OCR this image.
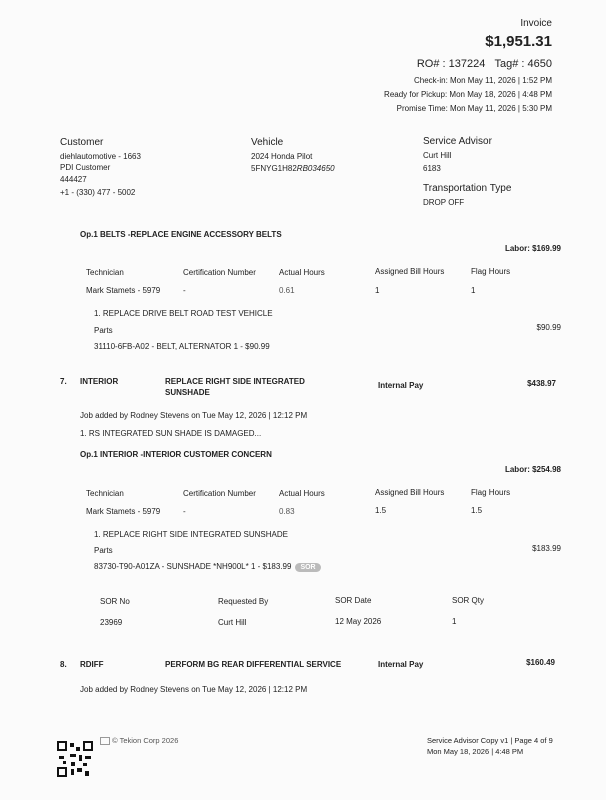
Invoice
$1,951.31
RO# : 137224 Tag# : 4650
Check-in: Mon May 11, 2026 | 1:52 PM
Ready for Pickup: Mon May 18, 2026 | 4:48 PM
Promise Time: Mon May 11, 2026 | 5:30 PM
Customer
diehlautomotive - 1663
PDI Customer
444427
+1 - (330) 477 - 5002
Vehicle
2024 Honda Pilot
5FNYG1H82RB034650
Service Advisor
Curt Hill
6183
Transportation Type
DROP OFF
Op.1 BELTS -REPLACE ENGINE ACCESSORY BELTS
Labor: $169.99
Technician	Certification Number	Actual Hours	Assigned Bill Hours	Flag Hours
Mark Stamets - 5979	-	0.61	1	1
1. REPLACE DRIVE BELT ROAD TEST VEHICLE
Parts	$90.99
31110-6FB-A02 - BELT, ALTERNATOR 1 - $90.99
7. INTERIOR	REPLACE RIGHT SIDE INTEGRATED
SUNSHADE
Internal Pay	$438.97
Job added by Rodney Stevens on Tue May 12, 2026 | 12:12 PM
1. RS INTEGRATED SUN SHADE IS DAMAGED...
Op.1 INTERIOR -INTERIOR CUSTOMER CONCERN
Labor: $254.98
Technician	Certification Number	Actual Hours	Assigned Bill Hours	Flag Hours
Mark Stamets - 5979	-	0.83	1.5	1.5
1. REPLACE RIGHT SIDE INTEGRATED SUNSHADE
Parts	$183.99
83730-T90-A01ZA - SUNSHADE *NH900L* 1 - $183.99 SOR
SOR No	Requested By	SOR Date	SOR Qty
23969	Curt Hill	12 May 2026	1
8. RDIFF	PERFORM BG REAR DIFFERENTIAL SERVICE	Internal Pay	$160.49
Job added by Rodney Stevens on Tue May 12, 2026 | 12:12 PM
© Tekion Corp 2026	Service Advisor Copy v1 | Page 4 of 9
Mon May 18, 2026 | 4:48 PM
